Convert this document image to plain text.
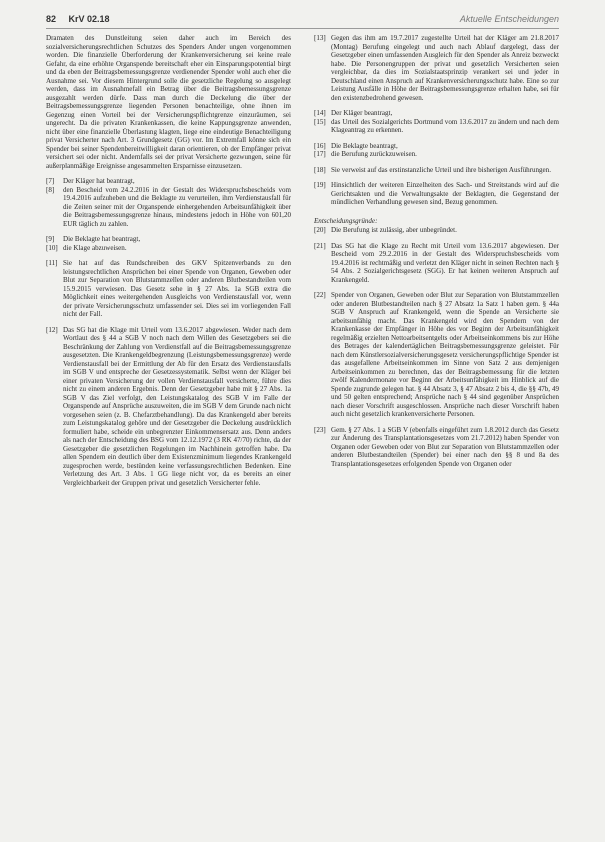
82 KrV 02.18	Aktuelle Entscheidungen

Dramaten des Dunstleitung seien daher auch im Bereich des sozialversicherungsrechtlichen Schutzes des Spenders Ander ungen vorgenommen worden. Die finanzielle Überforderung der Krankenversicherung sei keine reale Gefahr, da eine erhöhte Organspende bereitschaft eher ein Einsparungspotential birgt und da eben der Beitragsbemessungsgrenze verdienender Spender wohl auch eher die Ausnahme sei. Vor diesem Hintergrund solle die gesetzliche Regelung so ausgelegt werden, dass im Ausnahmefall ein Betrag über die Beitragsbemessungsgrenze ausgezahlt werden dürfe. Dass man durch die Deckelung die über der Beitragsbemessungsgrenze liegenden Personen benachteilige, ohne ihnen im Gegenzug einen Vorteil bei der Versicherungspflichtgrenze einzuräumen, sei ungerecht. Da die privaten Krankenkassen, die keine Kappungsgrenze anwenden, nicht über eine finanzielle Überlastung klagten, liege eine eindeutige Benachteiligung privat Versicherter nach Art. 3 Grundgesetz (GG) vor. Im Extremfall könne sich ein Spender bei seiner Spendenbereitwilligkeit daran orientieren, ob der Empfänger privat versichert sei oder nicht. Andernfalls sei der privat Versicherte gezwungen, seine für außerplanmäßige Ereignisse angesammelten Ersparnisse einzusetzen.

[7]	Der Kläger hat beantragt,
[8]	den Bescheid vom 24.2.2016 in der Gestalt des Widerspruchsbescheids vom 19.4.2016 aufzuheben und die Beklagte zu verurteilen, ihm Verdienstausfall für die Zeiten seiner mit der Organspende einhergehenden Arbeitsunfähigkeit über die Beitragsbemessungsgrenze hinaus, mindestens jedoch in Höhe von 601,20 EUR täglich zu zahlen.
[9]	Die Beklagte hat beantragt,
[10] die Klage abzuweisen.
[11] Sie hat auf das Rundschreiben des GKV Spitzenverbands zu den leistungsrechtlichen Ansprüchen bei einer Spende von Organen, Geweben oder Blut zur Separation von Blutstammzellen oder anderen Blutbestandteilen vom 15.9.2015 verwiesen. Das Gesetz sehe in § 27 Abs. 1a SGB extra die Möglichkeit eines weitergehenden Ausgleichs von Verdienstausfall vor, wenn der private Versicherungsschutz umfassender sei. Dies sei im vorliegenden Fall nicht der Fall.
[12] Das SG hat die Klage mit Urteil vom 13.6.2017 abgewiesen. Weder nach dem Wortlaut des § 44 a SGB V noch nach dem Willen des Gesetzgebers sei die Beschränkung der Zahlung von Verdienstfall auf die Beitragsbemessungsgrenze ausgesetzten. Die Krankengeldbegrenzung (Leistungsbemessungsgrenze) werde Verdienstausfall bei der Ermittlung der Ab für den Ersatz des Verdienstausfalls im SGB V und entspreche der Gesetzessystematik. Selbst wenn der Kläger bei einer privaten Versicherung der vollen Verdienstausfall versicherte, führe dies nicht zu einem anderen Ergebnis. Denn der Gesetzgeber habe mit § 27 Abs. 1a SGB V das Ziel verfolgt, den Leistungskatalog des SGB V im Falle der Organspende auf Ansprüche auszuweiten, die im SGB V dem Grunde nach nicht vorgesehen seien (z. B. Chefarztbehandlung). Da das Krankengeld aber bereits zum Leistungskatalog gehöre und der Gesetzgeber die Deckelung ausdrücklich formuliert habe, scheide ein unbegrenzter Einkommensersatz aus. Denn anders als nach der Entscheidung des BSG vom 12.12.1972 (3 RK 47/70) richte, da der Gesetzgeber die gesetzlichen Regelungen im Nachhinein getroffen habe. Da allen Spendern ein deutlich über dem Existenzminimum liegendes Krankengeld zugesprochen werde, bestünden keine verfassungsrechtlichen Bedenken. Eine Verletzung des Art. 3 Abs. 1 GG liege nicht vor, da es bereits an einer Vergleichbarkeit der Gruppen privat und gesetzlich Versicherter fehle.
[13] Gegen das ihm am 19.7.2017 zugestellte Urteil hat der Kläger am 21.8.2017 (Montag) Berufung eingelegt und auch nach Ablauf dargelegt, dass der Gesetzgeber einen umfassenden Ausgleich für den Spender als Anreiz bezweckt habe. Die Personengruppen der privat und gesetzlich Versicherten seien vergleichbar, da dies im Sozialstaatsprinzip verankert sei und jeder in Deutschland einen Anspruch auf Krankenversicherungsschutz habe. Eine so zur Leistung Ausfälle in Höhe der Beitragsbemessungsgrenze erhalten habe, sei für den existenzbedrohend gewesen.
[14] Der Kläger beantragt,
[15] das Urteil des Sozialgerichts Dortmund vom 13.6.2017 zu ändern und nach dem Klageantrag zu erkennen.
[16] Die Beklagte beantragt,
[17] die Berufung zurückzuweisen.
[18] Sie verweist auf das erstinstanzliche Urteil und ihre bisherigen Ausführungen.
[19] Hinsichtlich der weiteren Einzelheiten des Sach- und Streitstands wird auf die Gerichtsakten und die Verwaltungsakte der Beklagten, die Gegenstand der mündlichen Verhandlung gewesen sind, Bezug genommen.
Entscheidungsgründe:
[20] Die Berufung ist zulässig, aber unbegründet.
[21] Das SG hat die Klage zu Recht mit Urteil vom 13.6.2017 abgewiesen. Der Bescheid vom 29.2.2016 in der Gestalt des Widerspruchsbescheids vom 19.4.2016 ist rechtmäßig und verletzt den Kläger nicht in seinen Rechten nach § 54 Abs. 2 Sozialgerichtsgesetz (SGG). Er hat keinen weiteren Anspruch auf Krankengeld.
[22] Spender von Organen, Geweben oder Blut zur Separation von Blutstammzellen oder anderen Blutbestandteilen nach § 27 Absatz 1a Satz 1 haben gem. § 44a SGB V Anspruch auf Krankengeld, wenn die Spende an Versicherte sie arbeitsunfähig macht. Das Krankengeld wird den Spendern von der Krankenkasse der Empfänger in Höhe des vor Beginn der Arbeitsunfähigkeit regelmäßig erzielten Nettoarbeitsentgelts oder Arbeitseinkommens bis zur Höhe des Betrages der kalendertäglichen Beitragsbemessungsgrenze geleistet. Für nach dem Künstlersozialversicherungsgesetz versicherungspflichtige Spender ist das ausgefallene Arbeitseinkommen im Sinne von Satz 2 aus demjenigen Arbeitseinkommen zu berechnen, das der Beitragsbemessung für die letzten zwölf Kalendermonate vor Beginn der Arbeitsunfähigkeit im Hinblick auf die Spende zugrunde gelegen hat. § 44 Absatz 3, § 47 Absatz 2 bis 4, die §§ 47b, 49 und 50 gelten entsprechend; Ansprüche nach § 44 sind gegenüber Ansprüchen nach dieser Vorschrift ausgeschlossen. Ansprüche nach dieser Vorschrift haben auch nicht gesetzlich krankenversicherte Personen.
[23] Gem. § 27 Abs. 1 a SGB V (ebenfalls eingeführt zum 1.8.2012 durch das Gesetz zur Änderung des Transplantationsgesetzes vom 21.7.2012) haben Spender von Organen oder Geweben oder von Blut zur Separation von Blutstammzellen oder anderen Blutbestandteilen (Spender) bei einer nach den §§ 8 und 8a des Transplantationsgesetzes erfolgenden Spende von Organen oder
